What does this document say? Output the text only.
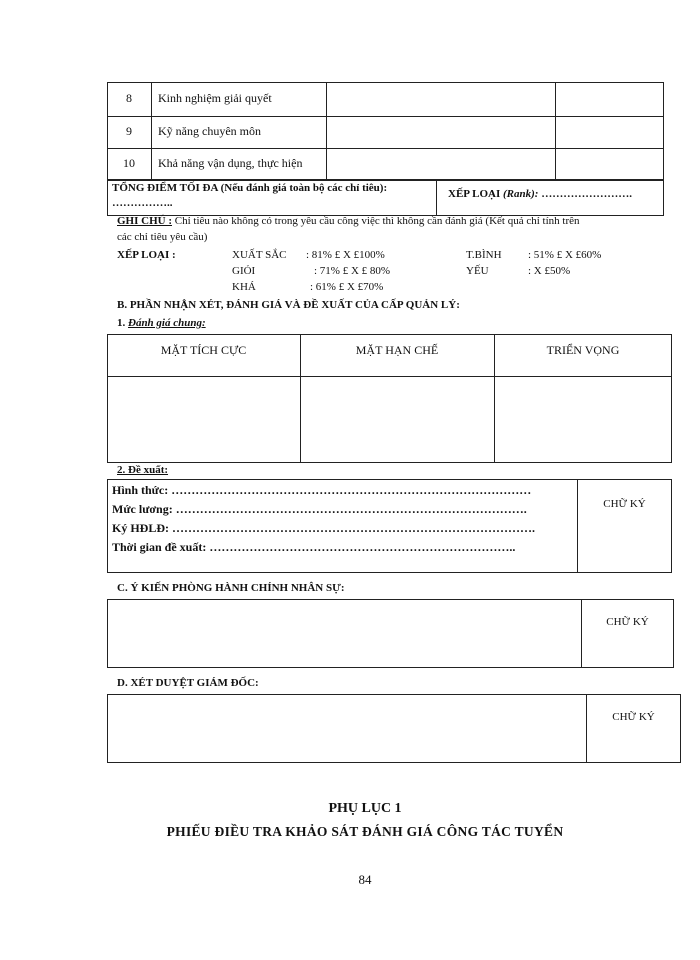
8	Kinh nghiệm giải quyết
9	Kỹ năng chuyên môn
10	Khả năng vận dụng, thực hiện
TỔNG ĐIỂM TỐI ĐA (Nếu đánh giá toàn bộ các chỉ tiêu):
……………..
XẾP LOẠI (Rank): …………………….
GHI CHÚ : Chỉ tiêu nào không có trong yêu cầu công việc thì không cần đánh giá (Kết quả chỉ tính trên
các chỉ tiêu yêu cầu)
XẾP LOẠI :	XUẤT SẮC : 81% £ X £100%
GIỎI	: 71% £ X £ 80%
KHÁ	: 61% £ X £70%
T.BÌNH : 51% £ X £60%
YẾU	: X £50%
B. PHẦN NHẬN XÉT, ĐÁNH GIÁ VÀ ĐỀ XUẤT CỦA CẤP QUẢN LÝ:
1. Đánh giá chung:
MẶT TÍCH CỰC	MẶT HẠN CHẾ	TRIỂN VỌNG
2. Đề xuất:
Hình thức: ………………………………………………………………………………
Mức lương: …………………………………………………………………………….
Ký HĐLĐ: ……………………………………………………………………………….
Thời gian đề xuất: …………………………………………………………………..
CHỮ KÝ
C. Ý KIẾN PHÒNG HÀNH CHÍNH NHÂN SỰ:
CHỮ KÝ
D. XÉT DUYỆT GIÁM ĐỐC:
CHỮ KÝ
PHỤ LỤC 1
PHIẾU ĐIỀU TRA KHẢO SÁT ĐÁNH GIÁ CÔNG TÁC TUYỂN
84
